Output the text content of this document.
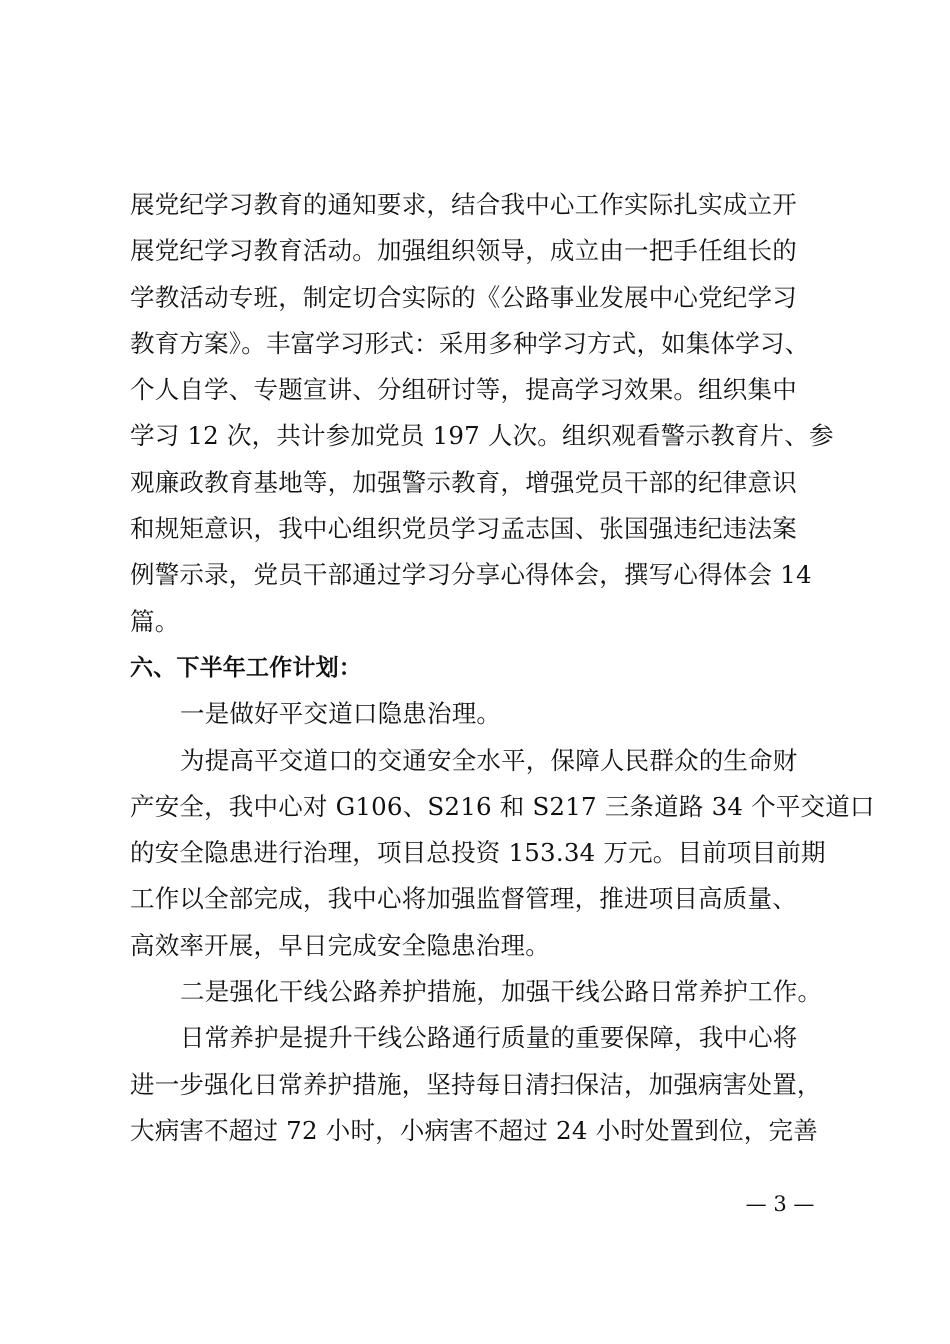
展党纪学习教育的通知要求，结合我中心工作实际扎实成立开
展党纪学习教育活动。加强组织领导，成立由一把手任组长的
学教活动专班，制定切合实际的《公路事业发展中心党纪学习
教育方案》。丰富学习形式：采用多种学习方式，如集体学习、
个人自学、专题宣讲、分组研讨等，提高学习效果。组织集中
学习 12 次，共计参加党员 197 人次。组织观看警示教育片、参
观廉政教育基地等，加强警示教育，增强党员干部的纪律意识
和规矩意识，我中心组织党员学习孟志国、张国强违纪违法案
例警示录，党员干部通过学习分享心得体会，撰写心得体会 14
篇。
六、下半年工作计划：
一是做好平交道口隐患治理。
为提高平交道口的交通安全水平，保障人民群众的生命财
产安全，我中心对 G106、S216 和 S217 三条道路 34 个平交道口
的安全隐患进行治理，项目总投资 153.34 万元。目前项目前期
工作以全部完成，我中心将加强监督管理，推进项目高质量、
高效率开展，早日完成安全隐患治理。
二是强化干线公路养护措施，加强干线公路日常养护工作。
日常养护是提升干线公路通行质量的重要保障，我中心将
进一步强化日常养护措施，坚持每日清扫保洁，加强病害处置，
大病害不超过 72 小时，小病害不超过 24 小时处置到位，完善
— 3 —
